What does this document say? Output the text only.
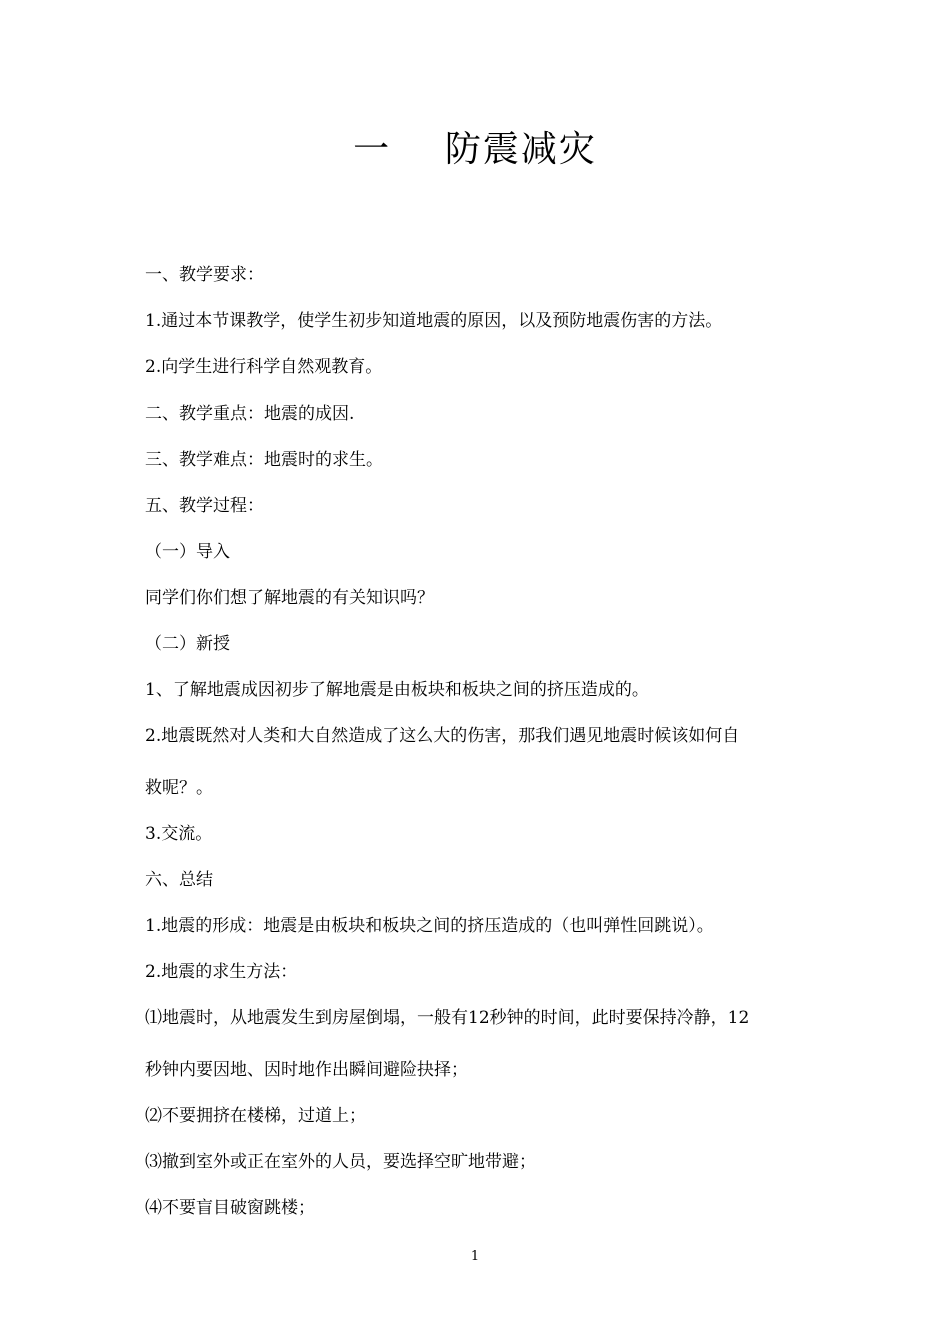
一    防震减灾
一、教学要求：
1.通过本节课教学，使学生初步知道地震的原因，以及预防地震伤害的方法。
2.向学生进行科学自然观教育。
二、教学重点：地震的成因.
三、教学难点：地震时的求生。
五、教学过程：
（一）导入
同学们你们想了解地震的有关知识吗？
（二）新授
1、了解地震成因初步了解地震是由板块和板块之间的挤压造成的。
2.地震既然对人类和大自然造成了这么大的伤害，那我们遇见地震时候该如何自
救呢？。
3.交流。
六、总结
1.地震的形成：地震是由板块和板块之间的挤压造成的（也叫弹性回跳说）。
2.地震的求生方法：
⑴地震时，从地震发生到房屋倒塌，一般有12秒钟的时间，此时要保持冷静，12
秒钟内要因地、因时地作出瞬间避险抉择；
⑵不要拥挤在楼梯，过道上；
⑶撤到室外或正在室外的人员，要选择空旷地带避；
⑷不要盲目破窗跳楼；
1
